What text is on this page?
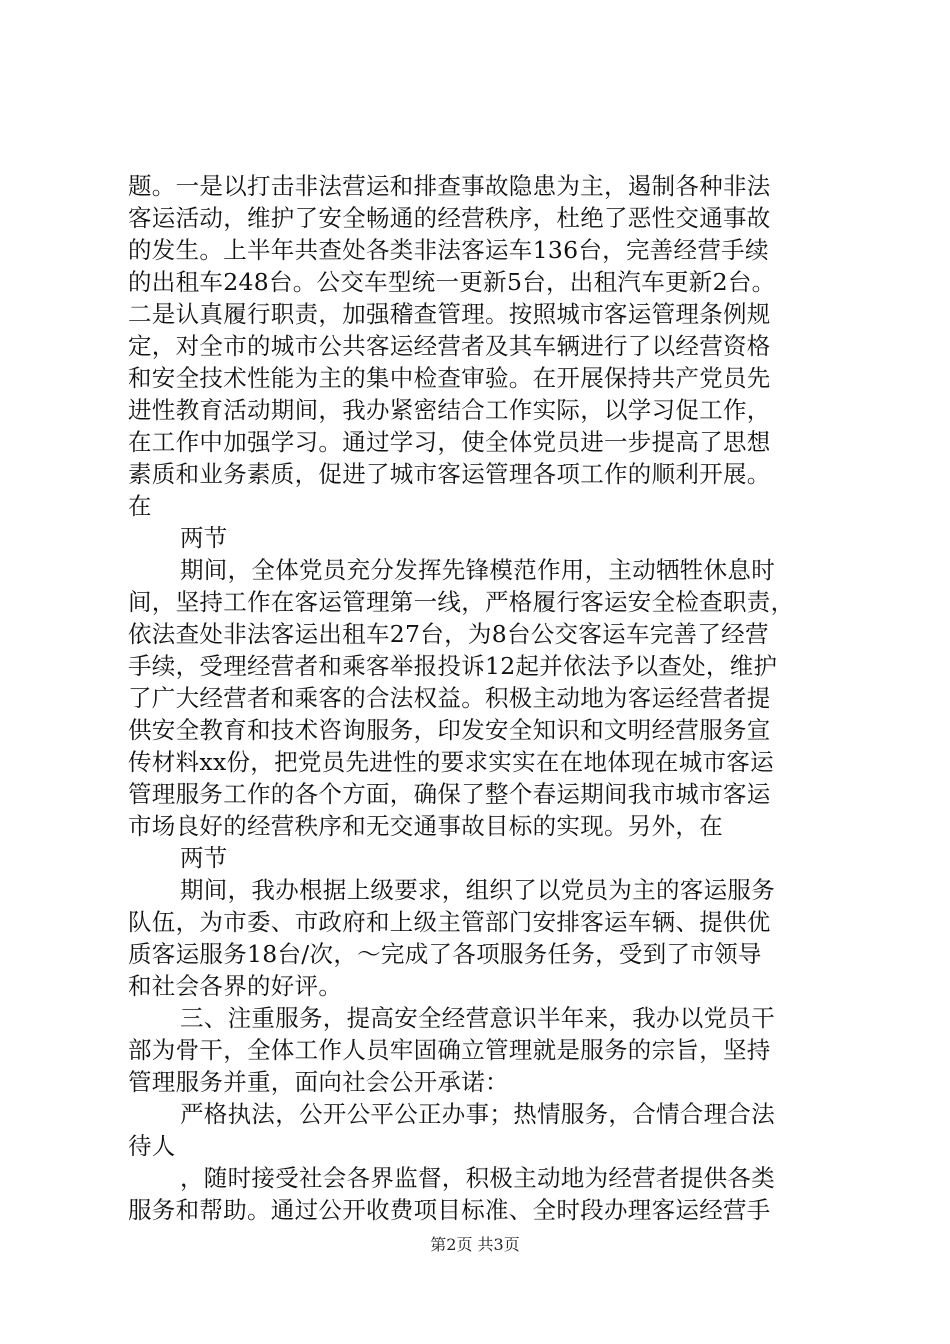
题。一是以打击非法营运和排查事故隐患为主，遏制各种非法
客运活动，维护了安全畅通的经营秩序，杜绝了恶性交通事故
的发生。上半年共查处各类非法客运车136台，完善经营手续
的出租车248台。公交车型统一更新5台，出租汽车更新2台。
二是认真履行职责，加强稽查管理。按照城市客运管理条例规
定，对全市的城市公共客运经营者及其车辆进行了以经营资格
和安全技术性能为主的集中检查审验。在开展保持共产党员先
进性教育活动期间，我办紧密结合工作实际，以学习促工作，
在工作中加强学习。通过学习，使全体党员进一步提高了思想
素质和业务素质，促进了城市客运管理各项工作的顺利开展。
在
两节
期间，全体党员充分发挥先锋模范作用，主动牺牲休息时
间，坚持工作在客运管理第一线，严格履行客运安全检查职责，
依法查处非法客运出租车27台，为8台公交客运车完善了经营
手续，受理经营者和乘客举报投诉12起并依法予以查处，维护
了广大经营者和乘客的合法权益。积极主动地为客运经营者提
供安全教育和技术咨询服务，印发安全知识和文明经营服务宣
传材料xx份，把党员先进性的要求实实在在地体现在城市客运
管理服务工作的各个方面，确保了整个春运期间我市城市客运
市场良好的经营秩序和无交通事故目标的实现。另外，在
两节
期间，我办根据上级要求，组织了以党员为主的客运服务
队伍，为市委、市政府和上级主管部门安排客运车辆、提供优
质客运服务18台/次，～完成了各项服务任务，受到了市领导
和社会各界的好评。
三、注重服务，提高安全经营意识半年来，我办以党员干
部为骨干，全体工作人员牢固确立管理就是服务的宗旨，坚持
管理服务并重，面向社会公开承诺：
严格执法，公开公平公正办事；热情服务，合情合理合法
待人
，随时接受社会各界监督，积极主动地为经营者提供各类
服务和帮助。通过公开收费项目标准、全时段办理客运经营手
第2页 共3页
